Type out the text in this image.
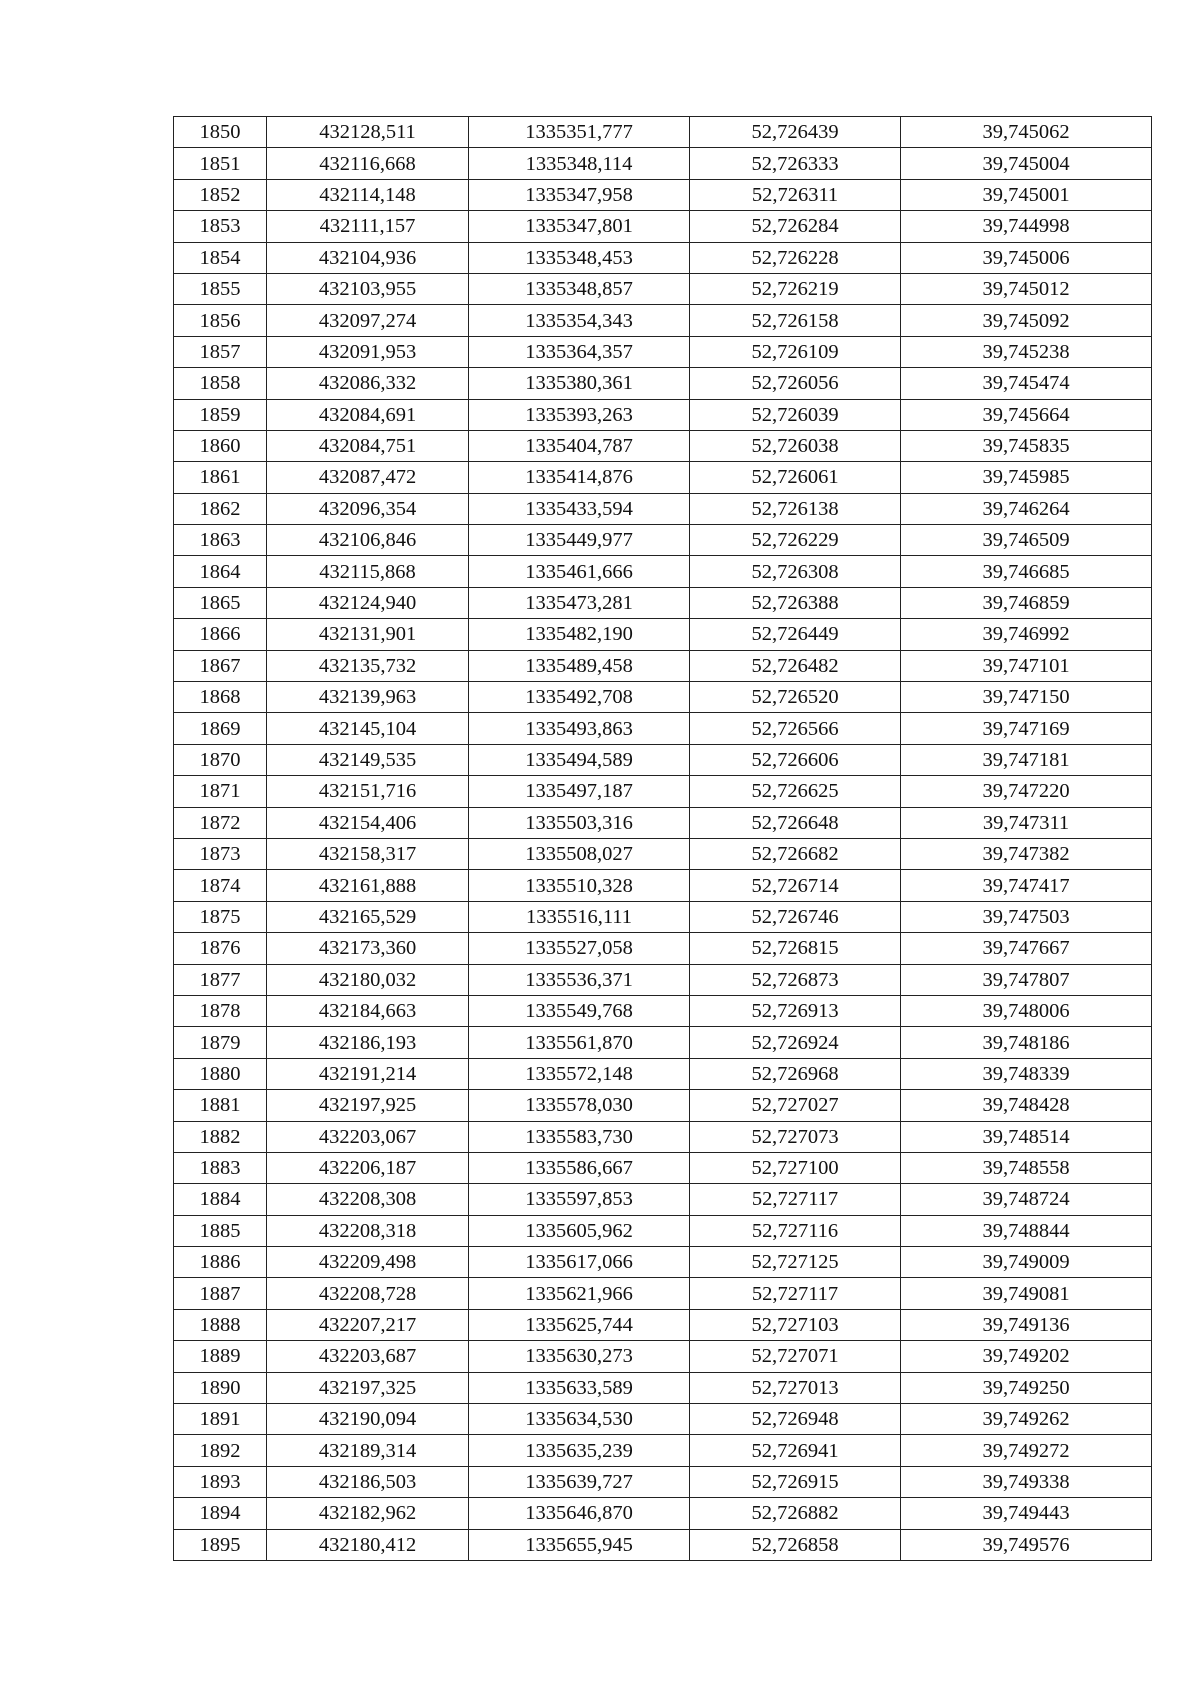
1850	432128,511	1335351,777	52,726439	39,745062
1851	432116,668	1335348,114	52,726333	39,745004
1852	432114,148	1335347,958	52,726311	39,745001
1853	432111,157	1335347,801	52,726284	39,744998
1854	432104,936	1335348,453	52,726228	39,745006
1855	432103,955	1335348,857	52,726219	39,745012
1856	432097,274	1335354,343	52,726158	39,745092
1857	432091,953	1335364,357	52,726109	39,745238
1858	432086,332	1335380,361	52,726056	39,745474
1859	432084,691	1335393,263	52,726039	39,745664
1860	432084,751	1335404,787	52,726038	39,745835
1861	432087,472	1335414,876	52,726061	39,745985
1862	432096,354	1335433,594	52,726138	39,746264
1863	432106,846	1335449,977	52,726229	39,746509
1864	432115,868	1335461,666	52,726308	39,746685
1865	432124,940	1335473,281	52,726388	39,746859
1866	432131,901	1335482,190	52,726449	39,746992
1867	432135,732	1335489,458	52,726482	39,747101
1868	432139,963	1335492,708	52,726520	39,747150
1869	432145,104	1335493,863	52,726566	39,747169
1870	432149,535	1335494,589	52,726606	39,747181
1871	432151,716	1335497,187	52,726625	39,747220
1872	432154,406	1335503,316	52,726648	39,747311
1873	432158,317	1335508,027	52,726682	39,747382
1874	432161,888	1335510,328	52,726714	39,747417
1875	432165,529	1335516,111	52,726746	39,747503
1876	432173,360	1335527,058	52,726815	39,747667
1877	432180,032	1335536,371	52,726873	39,747807
1878	432184,663	1335549,768	52,726913	39,748006
1879	432186,193	1335561,870	52,726924	39,748186
1880	432191,214	1335572,148	52,726968	39,748339
1881	432197,925	1335578,030	52,727027	39,748428
1882	432203,067	1335583,730	52,727073	39,748514
1883	432206,187	1335586,667	52,727100	39,748558
1884	432208,308	1335597,853	52,727117	39,748724
1885	432208,318	1335605,962	52,727116	39,748844
1886	432209,498	1335617,066	52,727125	39,749009
1887	432208,728	1335621,966	52,727117	39,749081
1888	432207,217	1335625,744	52,727103	39,749136
1889	432203,687	1335630,273	52,727071	39,749202
1890	432197,325	1335633,589	52,727013	39,749250
1891	432190,094	1335634,530	52,726948	39,749262
1892	432189,314	1335635,239	52,726941	39,749272
1893	432186,503	1335639,727	52,726915	39,749338
1894	432182,962	1335646,870	52,726882	39,749443
1895	432180,412	1335655,945	52,726858	39,749576
